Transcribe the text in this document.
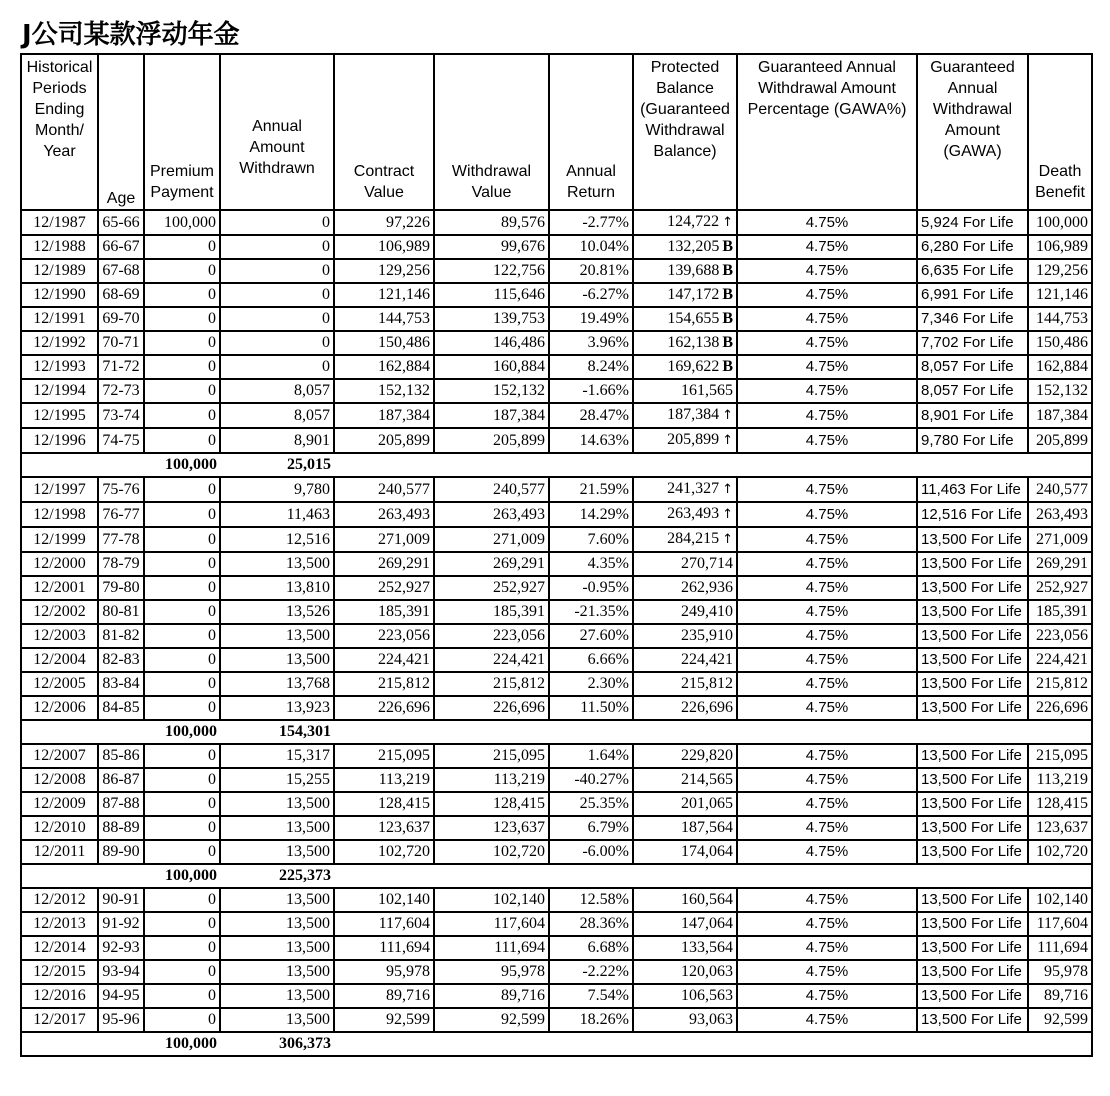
J公司某款浮动年金
Historical Periods Ending Month/ Year	Age	Premium Payment	Annual Amount Withdrawn	Contract Value	Withdrawal Value	Annual Return	Protected Balance (Guaranteed Withdrawal Balance)	Guaranteed Annual Withdrawal Amount Percentage (GAWA%)	Guaranteed Annual Withdrawal Amount (GAWA)	Death Benefit
12/1987	65-66	100,000	0	97,226	89,576	-2.77%	124,722 ↑	4.75%	5,924 For Life	100,000
12/1988	66-67	0	0	106,989	99,676	10.04%	132,205 B	4.75%	6,280 For Life	106,989
12/1989	67-68	0	0	129,256	122,756	20.81%	139,688 B	4.75%	6,635 For Life	129,256
12/1990	68-69	0	0	121,146	115,646	-6.27%	147,172 B	4.75%	6,991 For Life	121,146
12/1991	69-70	0	0	144,753	139,753	19.49%	154,655 B	4.75%	7,346 For Life	144,753
12/1992	70-71	0	0	150,486	146,486	3.96%	162,138 B	4.75%	7,702 For Life	150,486
12/1993	71-72	0	0	162,884	160,884	8.24%	169,622 B	4.75%	8,057 For Life	162,884
12/1994	72-73	0	8,057	152,132	152,132	-1.66%	161,565	4.75%	8,057 For Life	152,132
12/1995	73-74	0	8,057	187,384	187,384	28.47%	187,384 ↑	4.75%	8,901 For Life	187,384
12/1996	74-75	0	8,901	205,899	205,899	14.63%	205,899 ↑	4.75%	9,780 For Life	205,899
		100,000	25,015							
12/1997	75-76	0	9,780	240,577	240,577	21.59%	241,327 ↑	4.75%	11,463 For Life	240,577
12/1998	76-77	0	11,463	263,493	263,493	14.29%	263,493 ↑	4.75%	12,516 For Life	263,493
12/1999	77-78	0	12,516	271,009	271,009	7.60%	284,215 ↑	4.75%	13,500 For Life	271,009
12/2000	78-79	0	13,500	269,291	269,291	4.35%	270,714	4.75%	13,500 For Life	269,291
12/2001	79-80	0	13,810	252,927	252,927	-0.95%	262,936	4.75%	13,500 For Life	252,927
12/2002	80-81	0	13,526	185,391	185,391	-21.35%	249,410	4.75%	13,500 For Life	185,391
12/2003	81-82	0	13,500	223,056	223,056	27.60%	235,910	4.75%	13,500 For Life	223,056
12/2004	82-83	0	13,500	224,421	224,421	6.66%	224,421	4.75%	13,500 For Life	224,421
12/2005	83-84	0	13,768	215,812	215,812	2.30%	215,812	4.75%	13,500 For Life	215,812
12/2006	84-85	0	13,923	226,696	226,696	11.50%	226,696	4.75%	13,500 For Life	226,696
		100,000	154,301							
12/2007	85-86	0	15,317	215,095	215,095	1.64%	229,820	4.75%	13,500 For Life	215,095
12/2008	86-87	0	15,255	113,219	113,219	-40.27%	214,565	4.75%	13,500 For Life	113,219
12/2009	87-88	0	13,500	128,415	128,415	25.35%	201,065	4.75%	13,500 For Life	128,415
12/2010	88-89	0	13,500	123,637	123,637	6.79%	187,564	4.75%	13,500 For Life	123,637
12/2011	89-90	0	13,500	102,720	102,720	-6.00%	174,064	4.75%	13,500 For Life	102,720
		100,000	225,373							
12/2012	90-91	0	13,500	102,140	102,140	12.58%	160,564	4.75%	13,500 For Life	102,140
12/2013	91-92	0	13,500	117,604	117,604	28.36%	147,064	4.75%	13,500 For Life	117,604
12/2014	92-93	0	13,500	111,694	111,694	6.68%	133,564	4.75%	13,500 For Life	111,694
12/2015	93-94	0	13,500	95,978	95,978	-2.22%	120,063	4.75%	13,500 For Life	95,978
12/2016	94-95	0	13,500	89,716	89,716	7.54%	106,563	4.75%	13,500 For Life	89,716
12/2017	95-96	0	13,500	92,599	92,599	18.26%	93,063	4.75%	13,500 For Life	92,599
		100,000	306,373							
